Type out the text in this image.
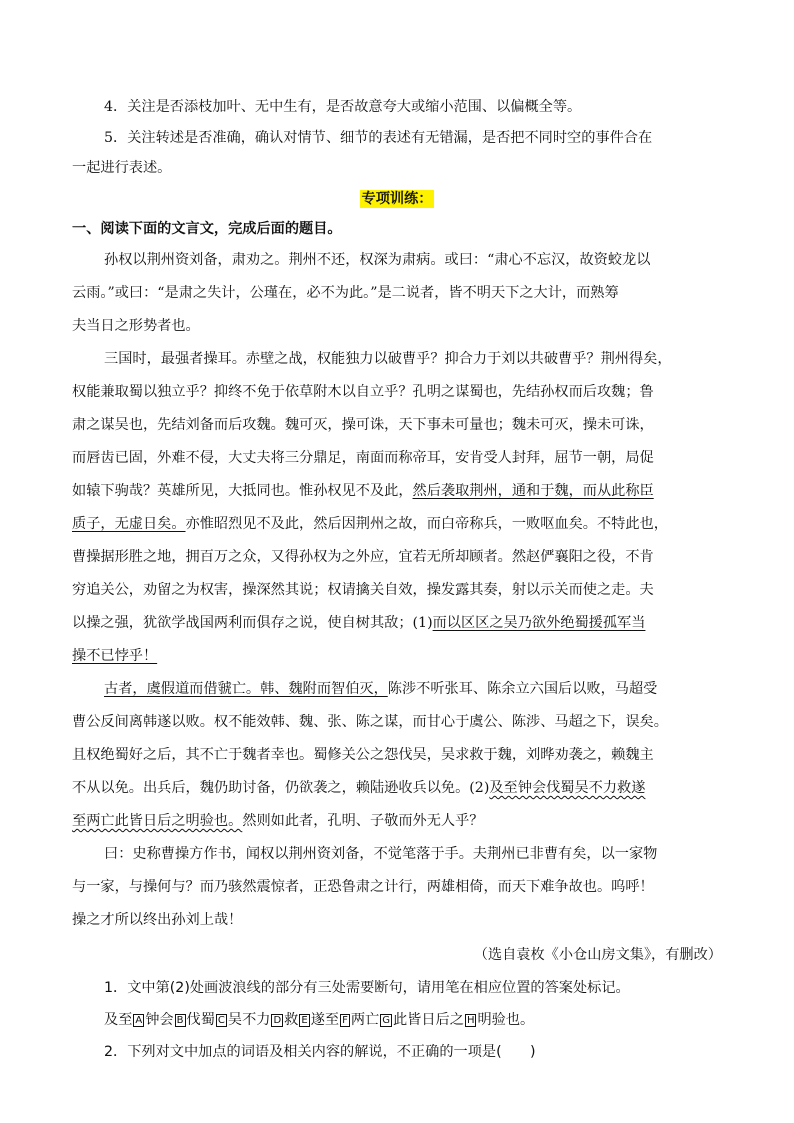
4．关注是否添枝加叶、无中生有，是否故意夸大或缩小范围、以偏概全等。
5．关注转述是否准确，确认对情节、细节的表述有无错漏，是否把不同时空的事件合在
一起进行表述。
专项训练：
一、阅读下面的文言文，完成后面的题目。
孙权以荆州资刘备，肃劝之。荆州不还，权深为肃病。或曰：“肃心不忘汉，故资蛟龙以
云雨。”或曰：“是肃之失计，公瑾在，必不为此。”是二说者，皆不明天下之大计，而熟筹
夫当日之形势者也。
三国时，最强者操耳。赤壁之战，权能独力以破曹乎？抑合力于刘以共破曹乎？荆州得矣，
权能兼取蜀以独立乎？抑终不免于依草附木以自立乎？孔明之谋蜀也，先结孙权而后攻魏；鲁
肃之谋吴也，先结刘备而后攻魏。魏可灭，操可诛，天下事未可量也；魏未可灭，操未可诛，
而唇齿已固，外难不侵，大丈夫将三分鼎足，南面而称帝耳，安肯受人封拜，屈节一朝，局促
如辕下驹哉？英雄所见，大抵同也。惟孙权见不及此，然后袭取荆州，通和于魏，而从此称臣
质子，无虚日矣。亦惟昭烈见不及此，然后因荆州之故，而白帝称兵，一败呕血矣。不特此也，
曹操据形胜之地，拥百万之众，又得孙权为之外应，宜若无所却顾者。然赵俨襄阳之役，不肯
穷追关公，劝留之为权害，操深然其说；权请擒关自效，操发露其奏，射以示关而使之走。夫
以操之强，犹欲学战国两利而俱存之说，使自树其敌；(1)而以区区之吴乃欲外绝蜀援孤军当
操不已悖乎！
古者，虞假道而借虢亡。韩、魏附而智伯灭，陈涉不听张耳、陈余立六国后以败，马超受
曹公反间离韩遂以败。权不能效韩、魏、张、陈之谋，而甘心于虞公、陈涉、马超之下，误矣。
且权绝蜀好之后，其不亡于魏者幸也。蜀修关公之怨伐吴，吴求救于魏，刘晔劝袭之，赖魏主
不从以免。出兵后，魏仍助讨备，仍欲袭之，赖陆逊收兵以免。(2)及至钟会伐蜀吴不力救遂
至两亡此皆日后之明验也。然则如此者，孔明、子敬而外无人乎？
曰：史称曹操方作书，闻权以荆州资刘备，不觉笔落于手。夫荆州已非曹有矣，以一家物
与一家，与操何与？而乃骇然震惊者，正恐鲁肃之计行，两雄相倚，而天下难争故也。呜呼！
操之才所以终出孙刘上哉！
（选自袁枚《小仓山房文集》，有删改）
1．文中第(2)处画波浪线的部分有三处需要断句，请用笔在相应位置的答案处标记。
及至 A 钟会 B 伐蜀 C 吴不力 D 救 E 遂至 F 两亡 G 此皆日后之 H 明验也。
2．下列对文中加点的词语及相关内容的解说，不正确的一项是(　　)
